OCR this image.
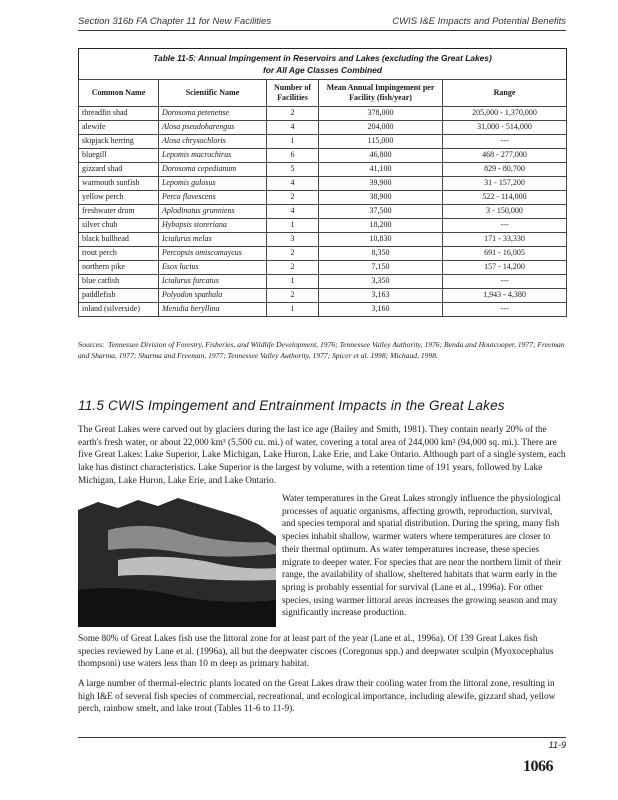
Section 316b FA Chapter 11 for New Facilities	CWIS I&E Impacts and Potential Benefits
Table 11-5: Annual Impingement in Reservoirs and Lakes (excluding the Great Lakes)
for All Age Classes Combined
Common Name	Scientific Name	Number of Facilities	Mean Annual Impingement per Facility (fish/year)	Range
threadfin shad	Dorosoma petenense	2	378,000	205,000 - 1,370,000
alewife	Alosa pseudoharengus	4	204,000	31,000 - 514,000
skipjack herring	Alosa chrysochloris	1	115,000	---
bluegill	Lepomis macrochirus	6	46,800	468 - 277,000
gizzard shad	Dorosoma cepedianum	5	41,100	829 - 80,700
warmouth sunfish	Lepomis gulosus	4	39,900	31 - 157,200
yellow perch	Perca flavescens	2	38,900	522 - 114,000
freshwater drum	Aplodinotus grunniens	4	37,500	3 - 150,000
silver chub	Hybopsis storeriana	1	18,200	---
black bullhead	Ictalurus melas	3	10,830	171 - 33,330
trout perch	Percopsis omiscomaycus	2	8,350	691 - 16,005
northern pike	Esox lucius	2	7,150	157 - 14,200
blue catfish	Ictalurus furcatus	1	3,350	---
paddlefish	Polyodon spathula	2	3,163	1,943 - 4,380
inland (silverside)	Menidia beryllina	1	3,160	---
Sources: Tennessee Division of Forestry, Fisheries, and Wildlife Development, 1976; Tennessee Valley Authority, 1976; Benda and Houtcooper, 1977; Freeman and Sharma, 1977; Sharma and Freeman, 1977; Tennessee Valley Authority, 1977; Spicer et al. 1998; Michaud, 1998.
11.5 CWIS Impingement and Entrainment Impacts in the Great Lakes

The Great Lakes were carved out by glaciers during the last ice age (Bailey and Smith, 1981). They contain nearly 20% of the earth's fresh water, or about 22,000 km³ (5,500 cu. mi.) of water, covering a total area of 244,000 km² (94,000 sq. mi.). There are five Great Lakes: Lake Superior, Lake Michigan, Lake Huron, Lake Erie, and Lake Ontario. Although part of a single system, each lake has distinct characteristics. Lake Superior is the largest by volume, with a retention time of 191 years, followed by Lake Michigan, Lake Huron, Lake Erie, and Lake Ontario.

Water temperatures in the Great Lakes strongly influence the physiological processes of aquatic organisms, affecting growth, reproduction, survival, and species temporal and spatial distribution. During the spring, many fish species inhabit shallow, warmer waters where temperatures are closer to their thermal optimum. As water temperatures increase, these species migrate to deeper water. For species that are near the northern limit of their range, the availability of shallow, sheltered habitats that warm early in the spring is probably essential for survival (Lane et al., 1996a). For other species, using warmer littoral areas increases the growing season and may significantly increase production.

Some 80% of Great Lakes fish use the littoral zone for at least part of the year (Lane et al., 1996a). Of 139 Great Lakes fish species reviewed by Lane et al. (1996a), all but the deepwater ciscoes (Coregonus spp.) and deepwater sculpin (Myoxocephalus thompsoni) use waters less than 10 m deep as primary habitat.

A large number of thermal-electric plants located on the Great Lakes draw their cooling water from the littoral zone, resulting in high I&E of several fish species of commercial, recreational, and ecological importance, including alewife, gizzard shad, yellow perch, rainbow smelt, and lake trout (Tables 11-6 to 11-9).

11-9
1066
